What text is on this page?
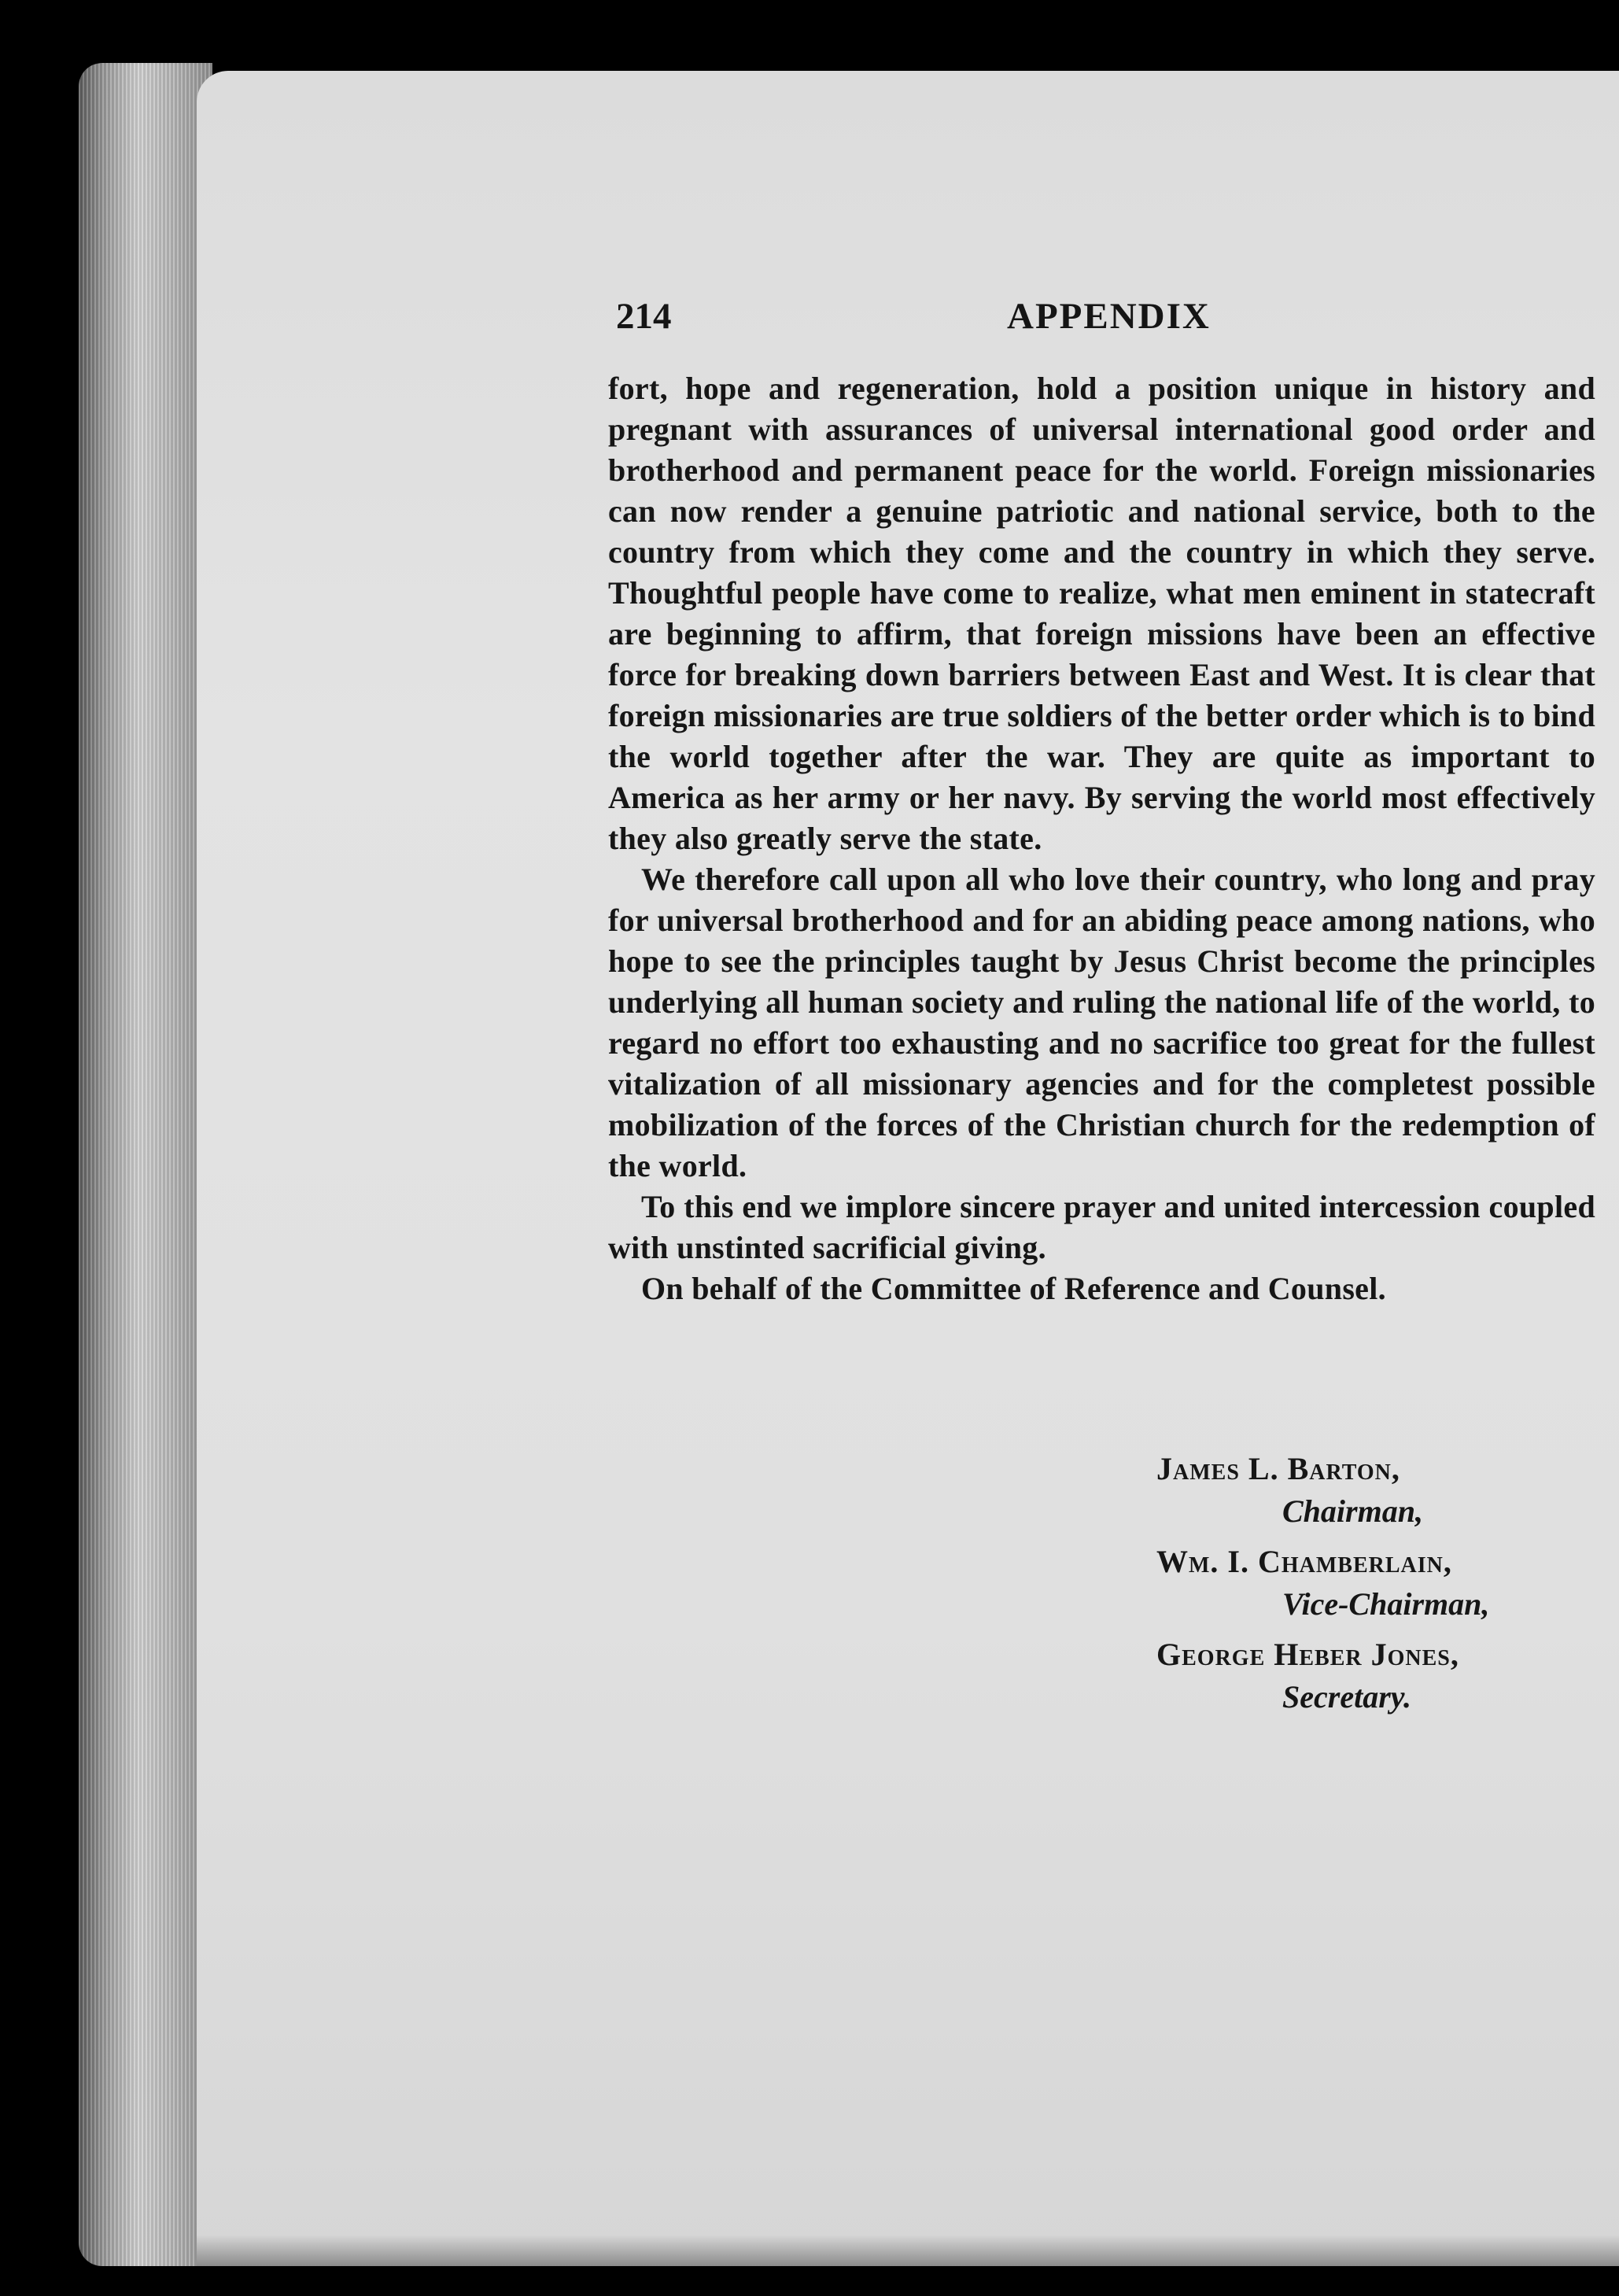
214	APPENDIX

fort, hope and regeneration, hold a position unique in history and pregnant with assurances of universal international good order and brotherhood and permanent peace for the world. Foreign missionaries can now render a genuine patriotic and national service, both to the country from which they come and the country in which they serve. Thoughtful people have come to realize, what men eminent in statecraft are beginning to affirm, that foreign missions have been an effective force for breaking down barriers between East and West. It is clear that foreign missionaries are true soldiers of the better order which is to bind the world together after the war. They are quite as important to America as her army or her navy. By serving the world most effectively they also greatly serve the state.

We therefore call upon all who love their country, who long and pray for universal brotherhood and for an abiding peace among nations, who hope to see the principles taught by Jesus Christ become the principles underlying all human society and ruling the national life of the world, to regard no effort too exhausting and no sacrifice too great for the fullest vitalization of all missionary agencies and for the completest possible mobilization of the forces of the Christian church for the redemption of the world.

To this end we implore sincere prayer and united intercession coupled with unstinted sacrificial giving.

On behalf of the Committee of Reference and Counsel.

James L. Barton,
Chairman,
Wm. I. Chamberlain,
Vice-Chairman,
George Heber Jones,
Secretary.
